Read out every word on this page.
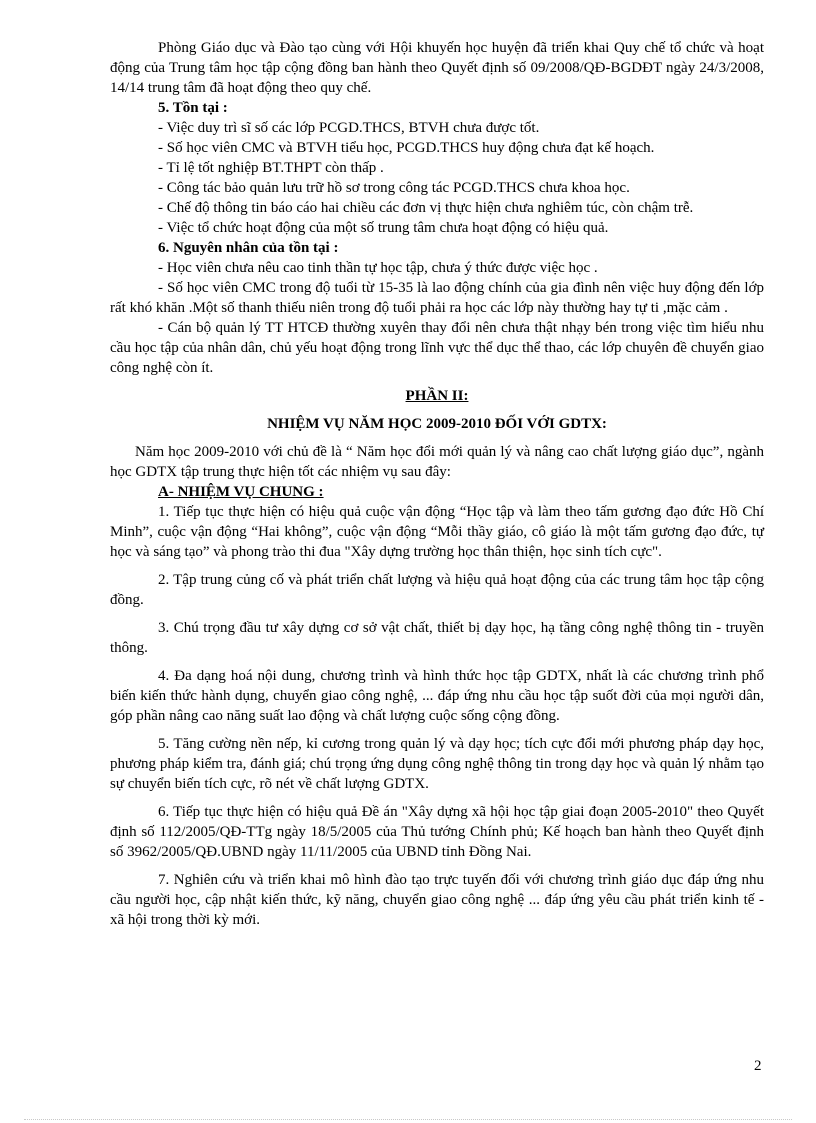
Phòng Giáo dục và Đào tạo cùng với Hội khuyến học huyện đã triển khai Quy chế tổ chức và hoạt động của Trung tâm học tập cộng đồng ban hành theo Quyết định số 09/2008/QĐ-BGDĐT ngày 24/3/2008, 14/14 trung tâm đã hoạt động theo quy chế.

5. Tồn tại :

- Việc duy trì sĩ số các lớp PCGD.THCS, BTVH chưa được tốt.

- Số học viên CMC và BTVH tiểu học, PCGD.THCS huy động chưa đạt kế hoạch.

- Tỉ lệ tốt nghiệp BT.THPT còn thấp .

- Công tác bảo quản lưu trữ hồ sơ trong công tác PCGD.THCS chưa khoa học.

- Chế độ thông tin báo cáo hai chiều các đơn vị thực hiện chưa nghiêm túc, còn chậm trễ.

- Việc tổ chức hoạt động của một số trung tâm chưa hoạt động có hiệu quả.

6. Nguyên nhân của tồn tại :

- Học viên chưa nêu cao tinh thần tự học tập, chưa ý thức được việc học .

- Số học viên CMC trong độ tuổi từ 15-35 là lao động chính của gia đình nên việc huy động đến lớp rất khó khăn .Một số thanh thiếu niên trong độ tuổi phải ra học các lớp này thường hay tự ti ,mặc cảm .

- Cán bộ quản lý TT HTCĐ thường xuyên thay đổi nên chưa thật nhạy bén trong việc tìm hiểu nhu cầu học tập của nhân dân, chủ yếu hoạt động trong lĩnh vực thể dục thể thao, các lớp chuyên đề chuyển giao công nghệ còn ít.

PHẦN II:

NHIỆM VỤ NĂM HỌC 2009-2010 ĐỐI VỚI GDTX:

Năm học 2009-2010 với chủ đề là “ Năm học đổi mới quản lý và nâng cao chất lượng giáo dục”, ngành học GDTX tập trung thực hiện tốt các nhiệm vụ sau đây:

A- NHIỆM VỤ CHUNG :

1. Tiếp tục thực hiện có hiệu quả cuộc vận động “Học tập và làm theo tấm gương đạo đức Hồ Chí Minh”, cuộc vận động “Hai không”, cuộc vận động “Mỗi thầy giáo, cô giáo là một tấm gương đạo đức, tự học và sáng tạo” và phong trào thi đua "Xây dựng trường học thân thiện, học sinh tích cực".

2. Tập trung củng cố và phát triển chất lượng và hiệu quả hoạt động của các trung tâm học tập cộng đồng.

3. Chú trọng đầu tư xây dựng cơ sở vật chất, thiết bị dạy học, hạ tầng công nghệ thông tin - truyền thông.

4. Đa dạng hoá nội dung, chương trình và hình thức học tập GDTX, nhất là các chương trình phổ biến kiến thức hành dụng, chuyển giao công nghệ, ... đáp ứng nhu cầu học tập suốt đời của mọi người dân, góp phần nâng cao năng suất lao động và chất lượng cuộc sống cộng đồng.

5. Tăng cường nền nếp, kỉ cương trong quản lý và dạy học; tích cực đổi mới phương pháp dạy học, phương pháp kiểm tra, đánh giá; chú trọng ứng dụng công nghệ thông tin trong dạy học và quản lý nhằm tạo sự chuyển biến tích cực, rõ nét về chất lượng GDTX.

6. Tiếp tục thực hiện có hiệu quả Đề án "Xây dựng xã hội học tập giai đoạn 2005-2010" theo Quyết định số 112/2005/QĐ-TTg ngày 18/5/2005 của Thủ tướng Chính phủ; Kế hoạch ban hành theo Quyết định số 3962/2005/QĐ.UBND ngày 11/11/2005 của UBND tỉnh Đồng Nai.

7. Nghiên cứu và triển khai mô hình đào tạo trực tuyến đối với chương trình giáo dục đáp ứng nhu cầu người học, cập nhật kiến thức, kỹ năng, chuyển giao công nghệ ... đáp ứng yêu cầu phát triển kinh tế - xã hội trong thời kỳ mới.

2
